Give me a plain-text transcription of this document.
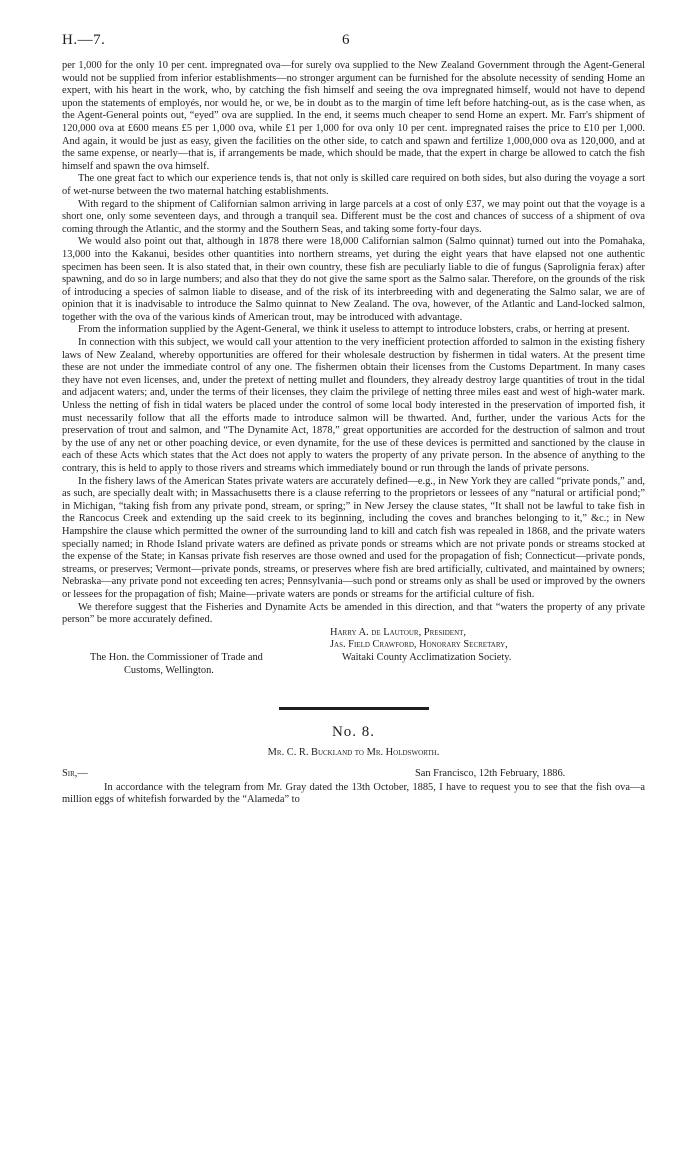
H.—7.	6

per 1,000 for the only 10 per cent. impregnated ova—for surely ova supplied to the New Zealand Government through the Agent-General would not be supplied from inferior establishments—no stronger argument can be furnished for the absolute necessity of sending Home an expert, with his heart in the work, who, by catching the fish himself and seeing the ova impregnated himself, would not have to depend upon the statements of employés, nor would he, or we, be in doubt as to the margin of time left before hatching-out, as is the case when, as the Agent-General points out, “eyed” ova are supplied. In the end, it seems much cheaper to send Home an expert. Mr. Farr's shipment of 120,000 ova at £600 means £5 per 1,000 ova, while £1 per 1,000 for ova only 10 per cent. impregnated raises the price to £10 per 1,000. And again, it would be just as easy, given the facilities on the other side, to catch and spawn and fertilize 1,000,000 ova as 120,000, and at the same expense, or nearly—that is, if arrangements be made, which should be made, that the expert in charge be allowed to catch the fish himself and spawn the ova himself.

The one great fact to which our experience tends is, that not only is skilled care required on both sides, but also during the voyage a sort of wet-nurse between the two maternal hatching establishments.

With regard to the shipment of Californian salmon arriving in large parcels at a cost of only £37, we may point out that the voyage is a short one, only some seventeen days, and through a tranquil sea. Different must be the cost and chances of success of a shipment of ova coming through the Atlantic, and the stormy and the Southern Seas, and taking some forty-four days.

We would also point out that, although in 1878 there were 18,000 Californian salmon (Salmo quinnat) turned out into the Pomahaka, 13,000 into the Kakanui, besides other quantities into northern streams, yet during the eight years that have elapsed not one authentic specimen has been seen. It is also stated that, in their own country, these fish are peculiarly liable to die of fungus (Saprolignia ferax) after spawning, and do so in large numbers; and also that they do not give the same sport as the Salmo salar. Therefore, on the grounds of the risk of introducing a species of salmon liable to disease, and of the risk of its interbreeding with and degenerating the Salmo salar, we are of opinion that it is inadvisable to introduce the Salmo quinnat to New Zealand. The ova, however, of the Atlantic and Land-locked salmon, together with the ova of the various kinds of American trout, may be introduced with advantage.

From the information supplied by the Agent-General, we think it useless to attempt to introduce lobsters, crabs, or herring at present.

In connection with this subject, we would call your attention to the very inefficient protection afforded to salmon in the existing fishery laws of New Zealand, whereby opportunities are offered for their wholesale destruction by fishermen in tidal waters. At the present time these are not under the immediate control of any one. The fishermen obtain their licenses from the Customs Department. In many cases they have not even licenses, and, under the pretext of netting mullet and flounders, they already destroy large quantities of trout in the tidal and adjacent waters; and, under the terms of their licenses, they claim the privilege of netting three miles east and west of high-water mark. Unless the netting of fish in tidal waters be placed under the control of some local body interested in the preservation of imported fish, it must necessarily follow that all the efforts made to introduce salmon will be thwarted. And, further, under the various Acts for the preservation of trout and salmon, and “The Dynamite Act, 1878,” great opportunities are accorded for the destruction of salmon and trout by the use of any net or other poaching device, or even dynamite, for the use of these devices is permitted and sanctioned by the clause in each of these Acts which states that the Act does not apply to waters the property of any private person. In the absence of anything to the contrary, this is held to apply to those rivers and streams which immediately bound or run through the lands of private persons.

In the fishery laws of the American States private waters are accurately defined—e.g., in New York they are called “private ponds,” and, as such, are specially dealt with; in Massachusetts there is a clause referring to the proprietors or lessees of any “natural or artificial pond;” in Michigan, “taking fish from any private pond, stream, or spring;” in New Jersey the clause states, “It shall not be lawful to take fish in the Rancocus Creek and extending up the said creek to its beginning, including the coves and branches belonging to it,” &c.; in New Hampshire the clause which permitted the owner of the surrounding land to kill and catch fish was repealed in 1868, and the private waters specially named; in Rhode Island private waters are defined as private ponds or streams which are not private ponds or streams stocked at the expense of the State; in Kansas private fish reserves are those owned and used for the propagation of fish; Connecticut—private ponds, streams, or preserves; Vermont—private ponds, streams, or preserves where fish are bred artificially, cultivated, and maintained by owners; Nebraska—any private pond not exceeding ten acres; Pennsylvania—such pond or streams only as shall be used or improved by the owners or lessees for the propagation of fish; Maine—private waters are ponds or streams for the artificial culture of fish.

We therefore suggest that the Fisheries and Dynamite Acts be amended in this direction, and that “waters the property of any private person” be more accurately defined.

Harry A. de Lautour, President,
Jas. Field Crawford, Honorary Secretary,
The Hon. the Commissioner of Trade and	Waitaki County Acclimatization Society.
Customs, Wellington.
No. 8.
Mr. C. R. Buckland to Mr. Holdsworth.
Sir,—	San Francisco, 12th February, 1886.

In accordance with the telegram from Mr. Gray dated the 13th October, 1885, I have to request you to see that the fish ova—a million eggs of whitefish forwarded by the “Alameda” to
